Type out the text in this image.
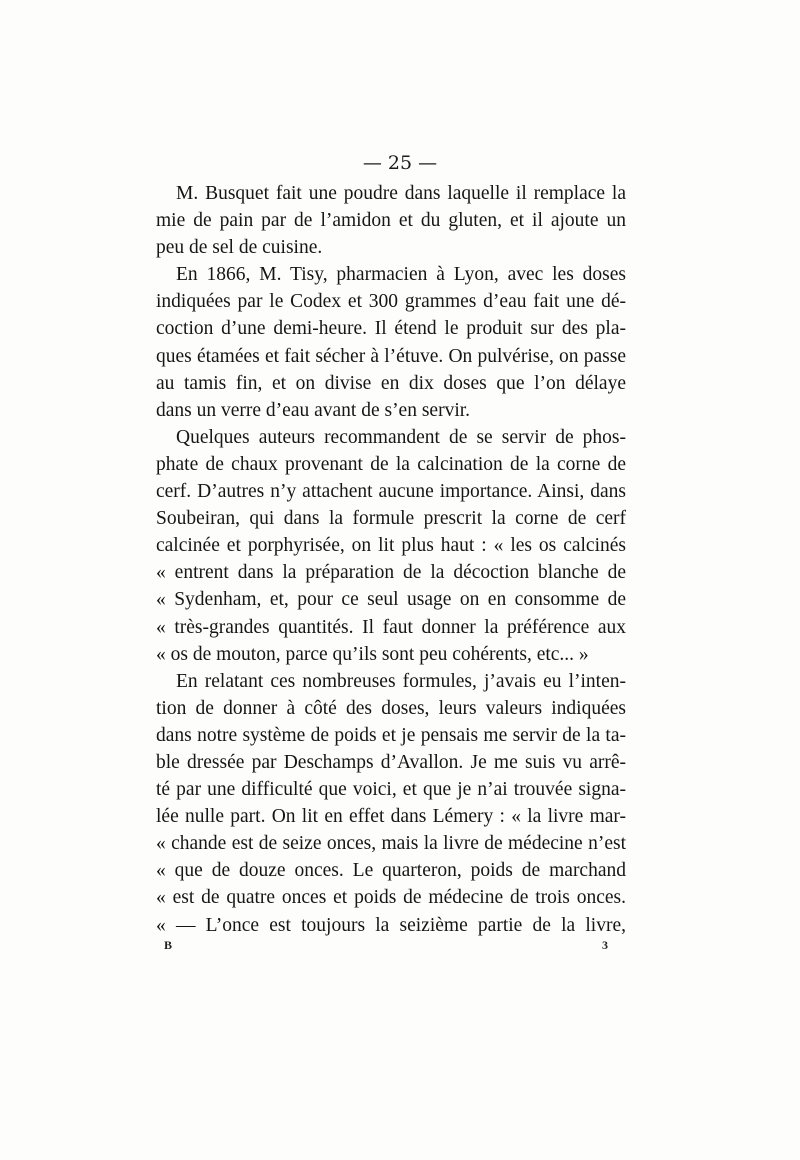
— 25 —
M. Busquet fait une poudre dans laquelle il remplace la
mie de pain par de l’amidon et du gluten, et il ajoute un
peu de sel de cuisine.
En 1866, M. Tisy, pharmacien à Lyon, avec les doses
indiquées par le Codex et 300 grammes d’eau fait une dé-
coction d’une demi-heure. Il étend le produit sur des pla-
ques étamées et fait sécher à l’étuve. On pulvérise, on passe
au tamis fin, et on divise en dix doses que l’on délaye
dans un verre d’eau avant de s’en servir.
Quelques auteurs recommandent de se servir de phos-
phate de chaux provenant de la calcination de la corne de
cerf. D’autres n’y attachent aucune importance. Ainsi, dans
Soubeiran, qui dans la formule prescrit la corne de cerf
calcinée et porphyrisée, on lit plus haut : « les os calcinés
« entrent dans la préparation de la décoction blanche de
« Sydenham, et, pour ce seul usage on en consomme de
« très-grandes quantités. Il faut donner la préférence aux
« os de mouton, parce qu’ils sont peu cohérents, etc... »
En relatant ces nombreuses formules, j’avais eu l’inten-
tion de donner à côté des doses, leurs valeurs indiquées
dans notre système de poids et je pensais me servir de la ta-
ble dressée par Deschamps d’Avallon. Je me suis vu arrê-
té par une difficulté que voici, et que je n’ai trouvée signa-
lée nulle part. On lit en effet dans Lémery : « la livre mar-
« chande est de seize onces, mais la livre de médecine n’est
« que de douze onces. Le quarteron, poids de marchand
« est de quatre onces et poids de médecine de trois onces.
« — L’once est toujours la seizième partie de la livre,
B	3
